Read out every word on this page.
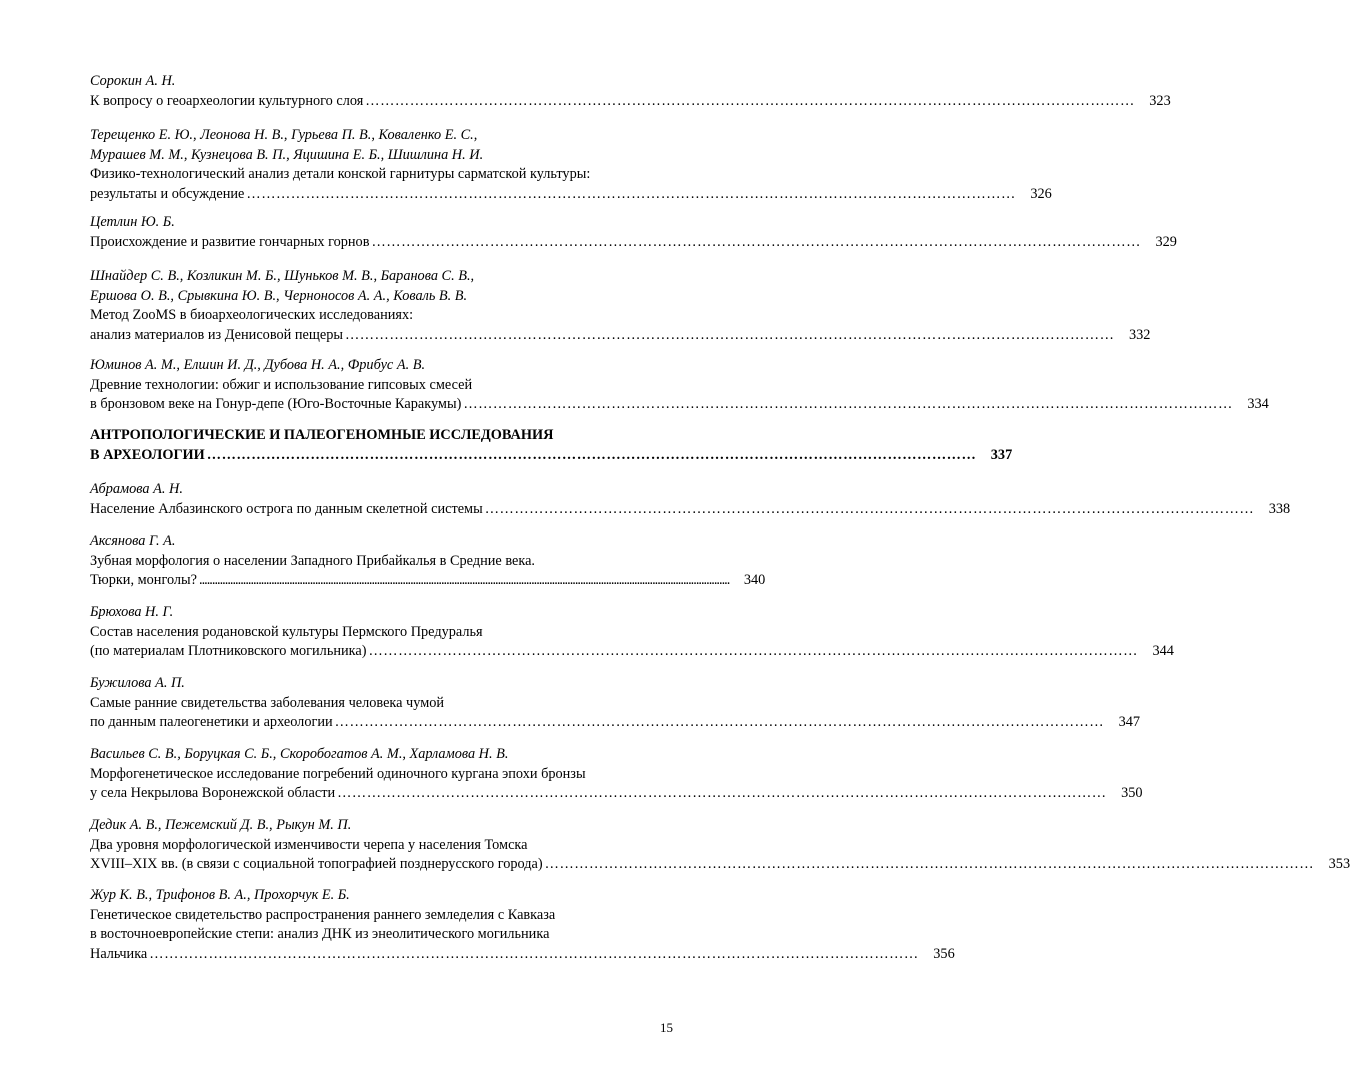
Сорокин А. Н.
К вопросу о геоархеологии культурного слоя …………………………………………………………………………………………………………………………………………	323
Терещенко Е. Ю., Леонова Н. В., Гурьева П. В., Коваленко Е. С.,
Мурашев М. М., Кузнецова В. П., Яцишина Е. Б., Шишлина Н. И.
Физико-технологический анализ детали конской гарнитуры сарматской культуры:
результаты и обсуждение …………………………………………………………………………………………………………………………………………	326
Цетлин Ю. Б.
Происхождение и развитие гончарных горнов …………………………………………………………………………………………………………………………………………	329
Шнайдер С. В., Козликин М. Б., Шуньков М. В., Баранова С. В.,
Ершова О. В., Срывкина Ю. В., Черноносов А. А., Коваль В. В.
Метод ZooMS в биоархеологических исследованиях:
анализ материалов из Денисовой пещеры …………………………………………………………………………………………………………………………………………	332
Юминов А. М., Елшин И. Д., Дубова Н. А., Фрибус А. В.
Древние технологии: обжиг и использование гипсовых смесей
в бронзовом веке на Гонур-депе (Юго-Восточные Каракумы) …………………………………………………………………………………………………………………………………………	334
АНТРОПОЛОГИЧЕСКИЕ И ПАЛЕОГЕНОМНЫЕ ИССЛЕДОВАНИЯ
В АРХЕОЛОГИИ …………………………………………………………………………………………………………………………………………	337
Абрамова А. Н.
Население Албазинского острога по данным скелетной системы …………………………………………………………………………………………………………………………………………	338
Аксянова Г. А.
Зубная морфология о населении Западного Прибайкалья в Средние века.
Тюрки, монголы? ..............................................................................................................................................................................................................	340
Брюхова Н. Г.
Состав населения родановской культуры Пермского Предуралья
(по материалам Плотниковского могильника) …………………………………………………………………………………………………………………………………………	344
Бужилова А. П.
Самые ранние свидетельства заболевания человека чумой
по данным палеогенетики и археологии …………………………………………………………………………………………………………………………………………	347
Васильев С. В., Боруцкая С. Б., Скоробогатов А. М., Харламова Н. В.
Морфогенетическое исследование погребений одиночного кургана эпохи бронзы
у села Некрылова Воронежской области …………………………………………………………………………………………………………………………………………	350
Дедик А. В., Пежемский Д. В., Рыкун М. П.
Два уровня морфологической изменчивости черепа у населения Томска
XVIII–XIX вв. (в связи с социальной топографией позднерусского города) …………………………………………………………………………………………………………………………………………	353
Жур К. В., Трифонов В. А., Прохорчук Е. Б.
Генетическое свидетельство распространения раннего земледелия с Кавказа
в восточноевропейские степи: анализ ДНК из энеолитического могильника
Нальчика …………………………………………………………………………………………………………………………………………	356
15
